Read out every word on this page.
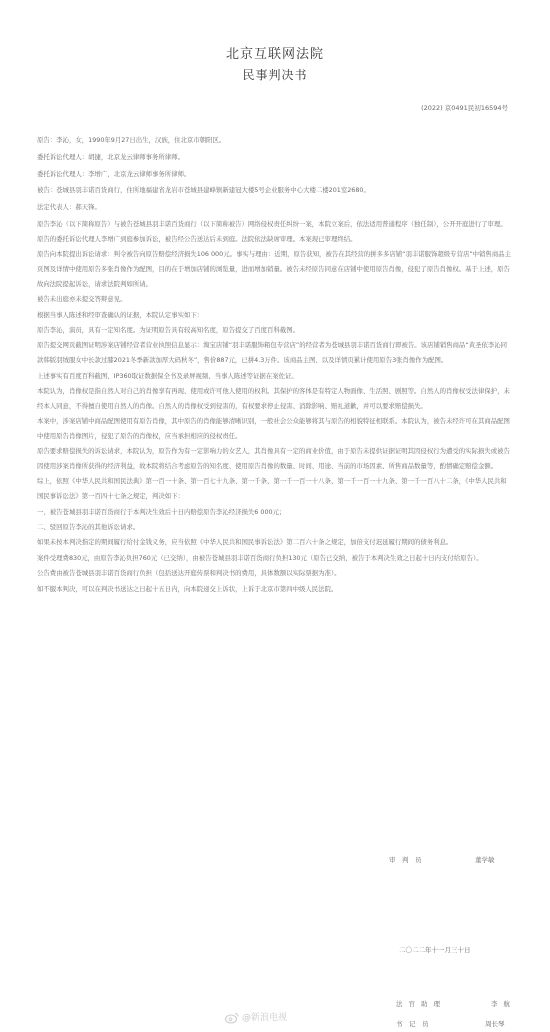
北京互联网法院
民事判决书
(2022) 京0491民初16594号

原告：李沁，女，1990年9月27日出生，汉族，住北京市朝阳区。

委托诉讼代理人：胡捷，北京龙云律师事务所律师。

委托诉讼代理人：李增广，北京龙云律师事务所律师。

被告：苍城县羽丰诺百货商行，住所地福建省龙岩市苍城县建峰镇新建冠大楼5号企业服务中心大楼二楼201室2680。

法定代表人：郝天锋。

原告李沁（以下简称原告）与被告苍城县羽丰诺百货商行（以下简称被告）网络侵权责任纠纷一案，本院立案后，依法适用普通程序（独任制），公开开庭进行了审理。原告的委托诉讼代理人李增广到庭参加诉讼，被告经公告送达后未到庭。法院依法缺席审理。本案现已审理终结。

原告向本院提出诉讼请求：判令被告向原告赔偿经济损失106 000元。事实与理由：近期，原告获知，被告在其经营的拼多多店铺“羽丰诺服饰超级专营店”中销售商品主页图及详情中使用原告多张肖像作为配图，目的在于增加店铺的浏览量，进而增加销量。被告未经原告同意在店铺中使用原告肖像，侵犯了原告肖像权。基于上述，原告故向法院提起诉讼，请求法院判如所请。

被告未出庭亦未提交答辩意见。

根据当事人陈述和经审查确认的证据，本院认定事实如下：

原告李沁，演员，具有一定知名度。为证明原告具有较高知名度，原告提交了百度百科截图。

原告提交网页截图证明涉案店铺经营者营业执照信息显示：淘宝店铺“羽丰诺服饰箱包专营店”的经营者为苍城县羽丰诺百货商行即被告。该店铺销售商品“黄圣依李沁同款韩版羽绒服女中长款过膝2021冬季新款加厚大码秋冬”，售价887元，已拼4.3万件。该商品主图、以及详情页累计使用原告3张肖像作为配图。

上述事实有百度百科截图、IP360取证数据保全书及录屏视频、当事人陈述等证据在案佐证。

本院认为，肖像权是指自然人对自己的肖像享有再现、使用或许可他人使用的权利。其保护的客体是有特定人物面像、生活照、剧照等。自然人的肖像权受法律保护，未经本人同意，不得擅自使用自然人的肖像。自然人的肖像权受到侵害的，有权要求停止侵害、消除影响、赔礼道歉，并可以要求赔偿损失。

本案中，涉案店铺中商品配图使用有原告肖像，其中原告的肖像能够清晰识别，一般社会公众能够将其与原告的相貌特征相联系。本院认为，被告未经许可在其商品配图中使用原告肖像图片，侵犯了原告的肖像权，应当承担相应的侵权责任。

原告要求赔偿损失的诉讼请求，本院认为，原告作为有一定影响力的女艺人，其肖像具有一定的商业价值，由于原告未提供证据证明其因侵权行为遭受的实际损失或被告因使用涉案肖像所获得的经济利益，故本院将结合考虑原告的知名度、使用原告肖像的数量、时间、用途、当前的市场因素、所售商品数量等，酌情确定赔偿金额。

综上，依照《中华人民共和国民法典》第一百一十条、第一百七十九条、第一千条、第一千一百一十八条、第一千一百一十九条、第一千一百八十二条，《中华人民共和国民事诉讼法》第一百四十七条之规定，判决如下：

一、被告苍城县羽丰诺百货商行于本判决生效后十日内赔偿原告李沁经济损失6 000元；

二、驳回原告李沁的其他诉讼请求。

如果未按本判决指定的期间履行给付金钱义务，应当依照《中华人民共和国民事诉讼法》第二百六十条之规定，加倍支付迟延履行期间的债务利息。

案件受理费830元，由原告李沁负担760元（已交纳），由被告苍城县羽丰诺百货商行负担130元（原告已交纳，被告于本判决生效之日起十日内支付给原告）。

公告费由被告苍城县羽丰诺百货商行负担（包括送达开庭传票和判决书的费用，具体数额以实际票据为准）。

如不服本判决，可以在判决书送达之日起十五日内，向本院递交上诉状，上诉于北京市第四中级人民法院。

审　判　员	董学敏
二〇二二年十一月三十日
法官助理	李航
书　记　员	周长琴
@新浪电视
